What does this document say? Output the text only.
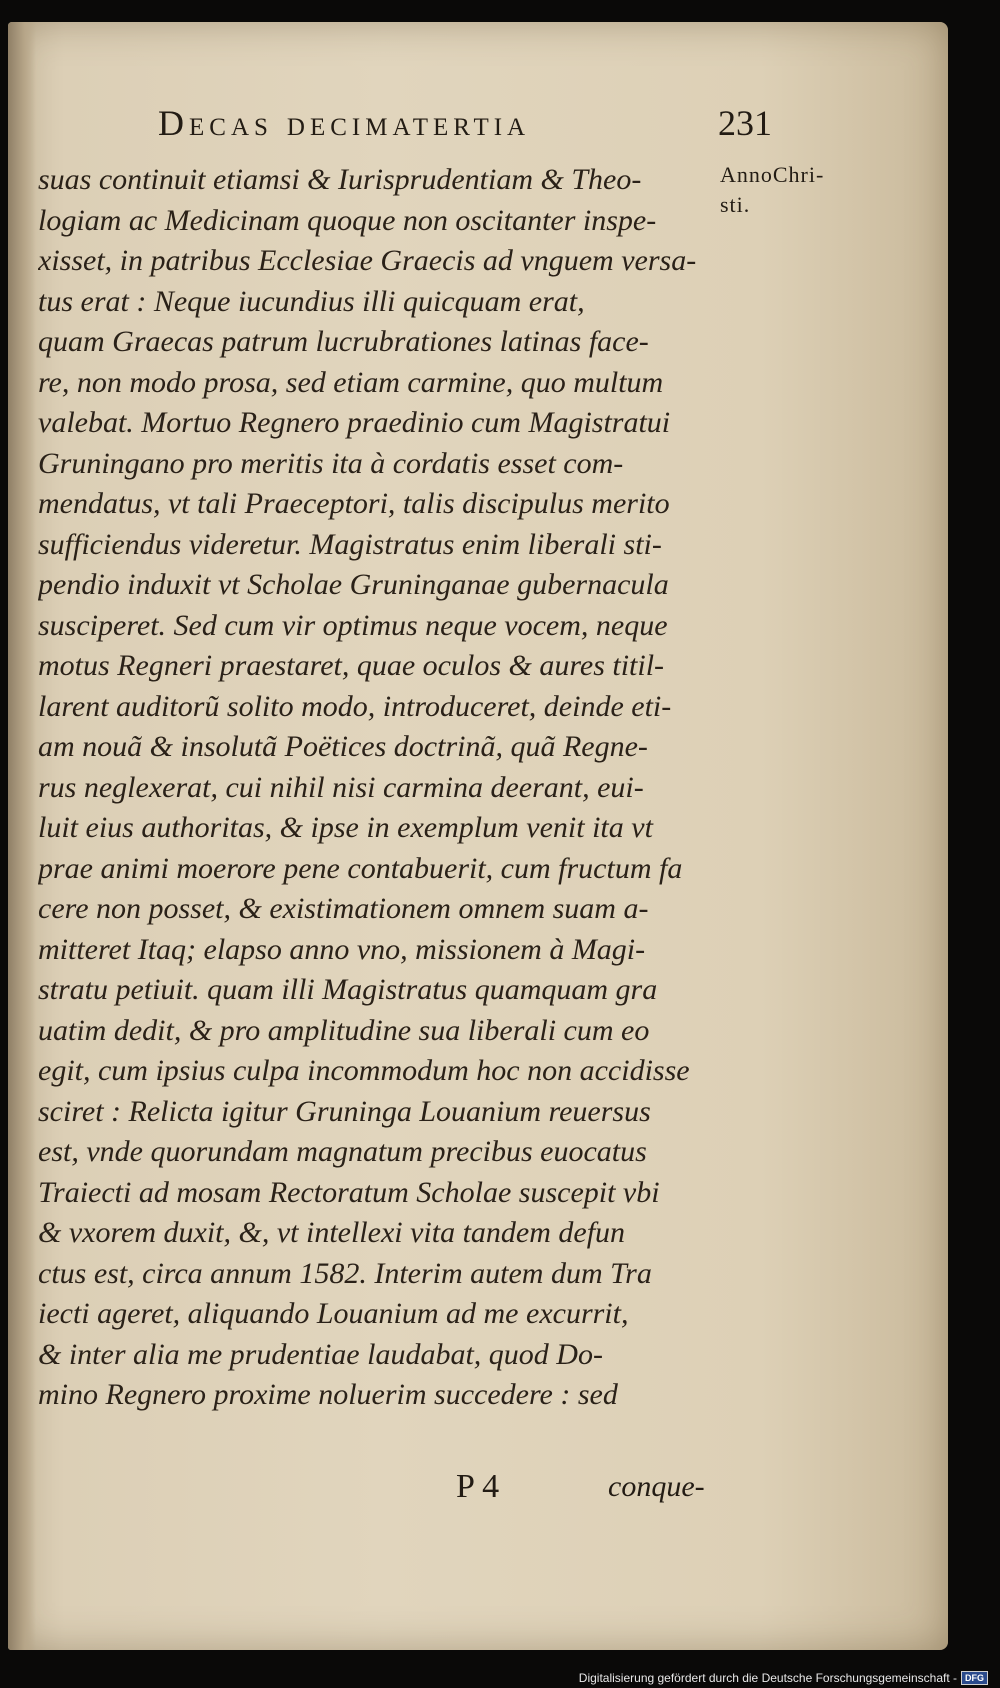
Decas decimatertia	231
AnnoChri-
sti.
suas continuit etiamsi & Iurisprudentiam & Theo-
logiam ac Medicinam quoque non oscitanter inspe-
xisset, in patribus Ecclesiae Graecis ad vnguem versa-
tus erat : Neque iucundius illi quicquam erat,
quam Graecas patrum lucrubrationes latinas face-
re, non modo prosa, sed etiam carmine, quo multum
valebat. Mortuo Regnero praedinio cum Magistratui
Gruningano pro meritis ita à cordatis esset com-
mendatus, vt tali Praeceptori, talis discipulus merito
sufficiendus videretur. Magistratus enim liberali sti-
pendio induxit vt Scholae Gruninganae gubernacula
susciperet. Sed cum vir optimus neque vocem, neque
motus Regneri praestaret, quae oculos & aures titil-
larent auditorũ solito modo, introduceret, deinde eti-
am nouã & insolutã Poëtices doctrinã, quã Regne-
rus neglexerat, cui nihil nisi carmina deerant, eui-
luit eius authoritas, & ipse in exemplum venit ita vt
prae animi moerore pene contabuerit, cum fructum fa
cere non posset, & existimationem omnem suam a-
mitteret Itaq; elapso anno vno, missionem à Magi-
stratu petiuit. quam illi Magistratus quamquam gra
uatim dedit, & pro amplitudine sua liberali cum eo
egit, cum ipsius culpa incommodum hoc non accidisse
sciret : Relicta igitur Gruninga Louanium reuersus
est, vnde quorundam magnatum precibus euocatus
Traiecti ad mosam Rectoratum Scholae suscepit vbi
& vxorem duxit, &, vt intellexi vita tandem defun
ctus est, circa annum 1582. Interim autem dum Tra
iecti ageret, aliquando Louanium ad me excurrit,
& inter alia me prudentiae laudabat, quod Do-
mino Regnero proxime noluerim succedere : sed
P 4	conque-
Digitalisierung gefördert durch die Deutsche Forschungsgemeinschaft - DFG
